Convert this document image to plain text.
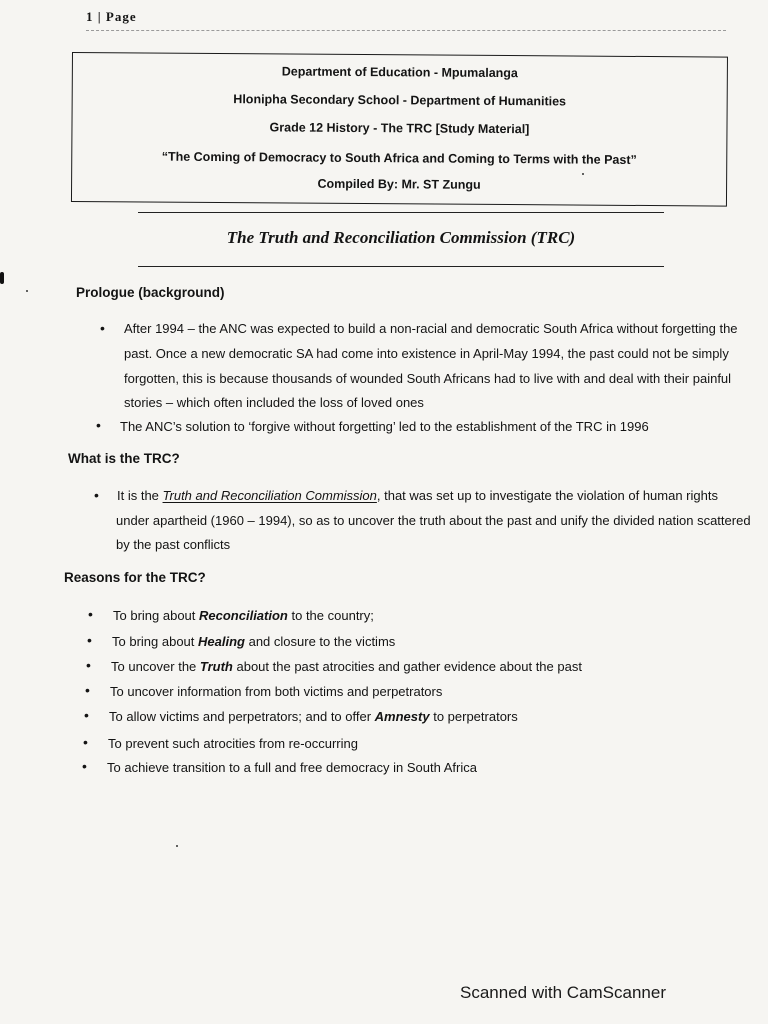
1 | Page
Department of Education - Mpumalanga
Hlonipha Secondary School - Department of Humanities
Grade 12 History - The TRC [Study Material]
“The Coming of Democracy to South Africa and Coming to Terms with the Past”
Compiled By: Mr. ST Zungu
The Truth and Reconciliation Commission (TRC)
Prologue (background)
• After 1994 – the ANC was expected to build a non-racial and democratic South Africa without forgetting the
past. Once a new democratic SA had come into existence in April-May 1994, the past could not be simply
forgotten, this is because thousands of wounded South Africans had to live with and deal with their painful
stories – which often included the loss of loved ones
• The ANC’s solution to ‘forgive without forgetting’ led to the establishment of the TRC in 1996
What is the TRC?
• It is the Truth and Reconciliation Commission, that was set up to investigate the violation of human rights
under apartheid (1960 – 1994), so as to uncover the truth about the past and unify the divided nation scattered
by the past conflicts
Reasons for the TRC?
• To bring about Reconciliation to the country;
• To bring about Healing and closure to the victims
• To uncover the Truth about the past atrocities and gather evidence about the past
• To uncover information from both victims and perpetrators
• To allow victims and perpetrators; and to offer Amnesty to perpetrators
• To prevent such atrocities from re-occurring
• To achieve transition to a full and free democracy in South Africa
Scanned with CamScanner
